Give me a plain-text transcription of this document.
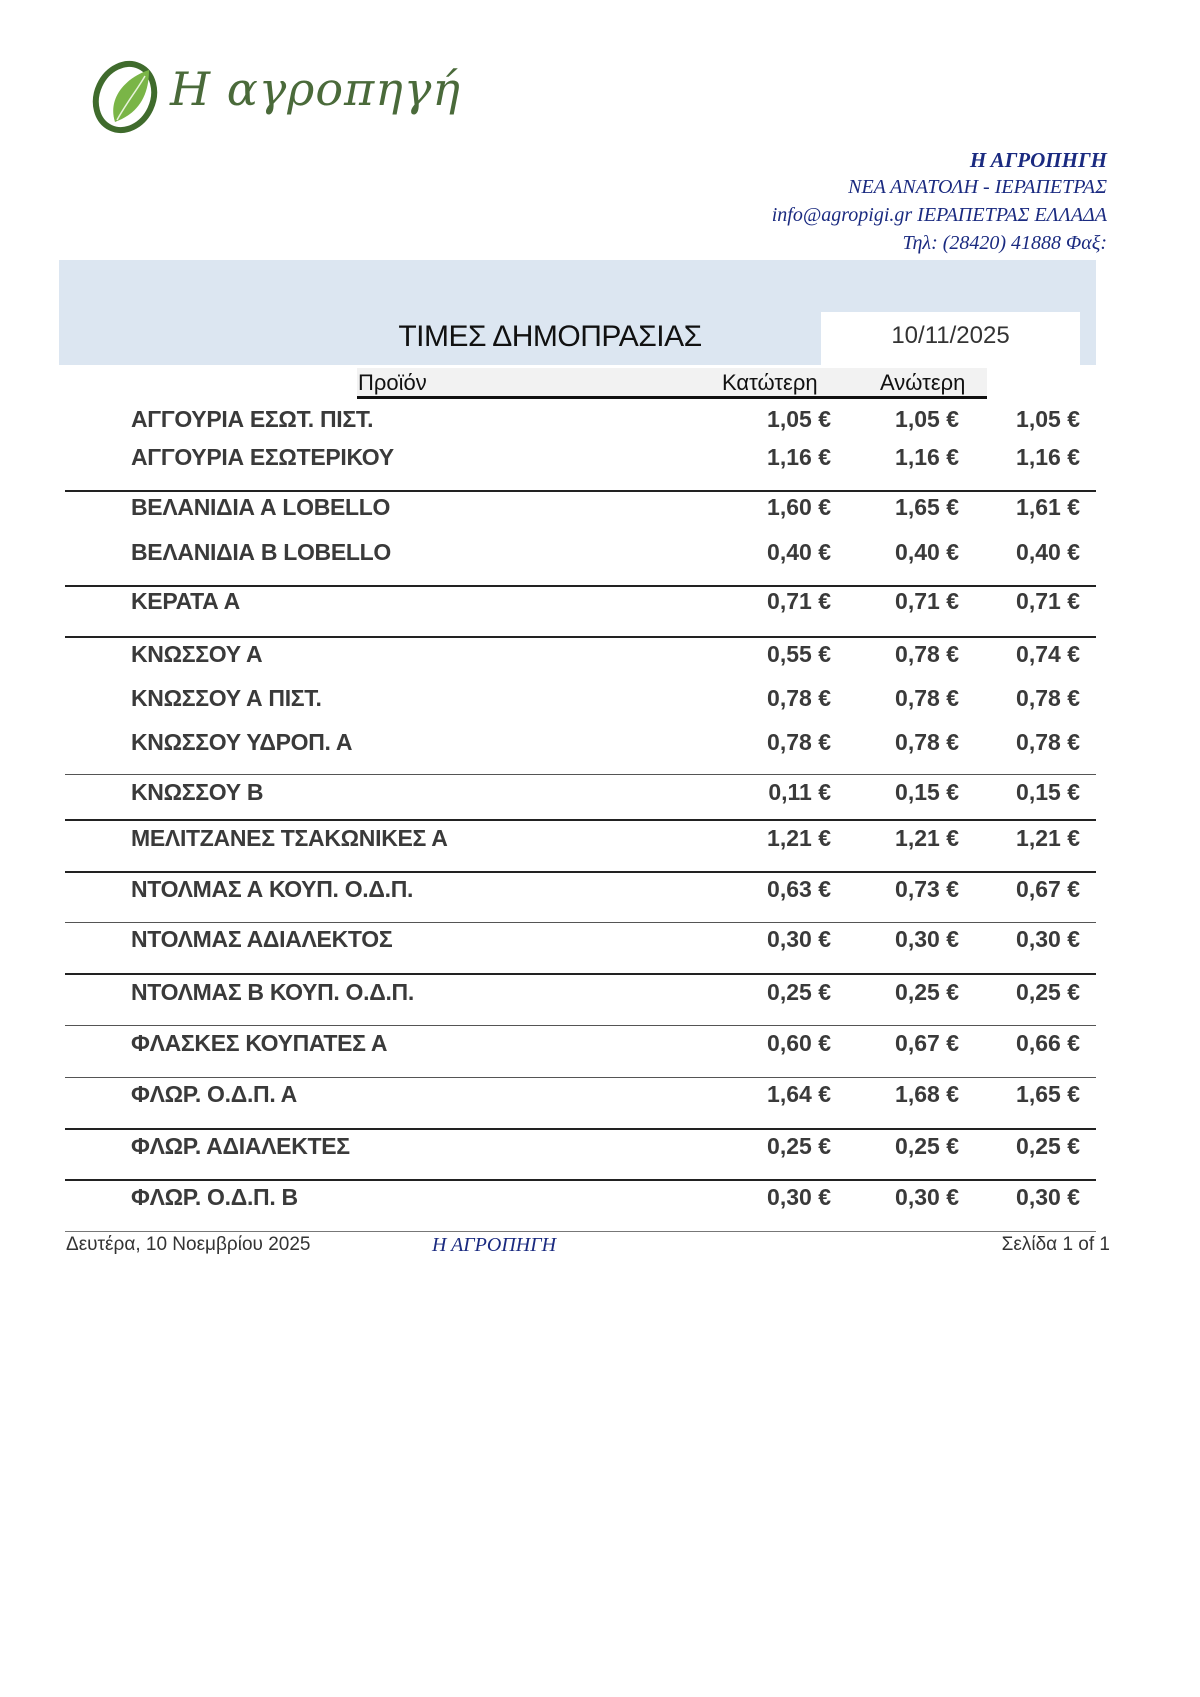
Η αγροπηγή
Η ΑΓΡΟΠΗΓΗ
ΝΕΑ ΑΝΑΤΟΛΗ - ΙΕΡΑΠΕΤΡΑΣ
info@agropigi.gr ΙΕΡΑΠΕΤΡΑΣ ΕΛΛΑΔΑ
Τηλ: (28420) 41888 Φαξ:
ΤΙΜΕΣ ΔΗΜΟΠΡΑΣΙΑΣ	10/11/2025
Προϊόν	Κατώτερη	Ανώτερη
ΑΓΓΟΥΡΙΑ ΕΣΩΤ. ΠΙΣΤ.	1,05 €	1,05 €	1,05 €
ΑΓΓΟΥΡΙΑ ΕΣΩΤΕΡΙΚΟΥ	1,16 €	1,16 €	1,16 €
ΒΕΛΑΝΙΔΙΑ Α LOBELLO	1,60 €	1,65 €	1,61 €
ΒΕΛΑΝΙΔΙΑ Β LOBELLO	0,40 €	0,40 €	0,40 €
ΚΕΡΑΤΑ Α	0,71 €	0,71 €	0,71 €
ΚΝΩΣΣΟΥ Α	0,55 €	0,78 €	0,74 €
ΚΝΩΣΣΟΥ Α ΠΙΣΤ.	0,78 €	0,78 €	0,78 €
ΚΝΩΣΣΟΥ ΥΔΡΟΠ. Α	0,78 €	0,78 €	0,78 €
ΚΝΩΣΣΟΥ Β	0,11 €	0,15 €	0,15 €
ΜΕΛΙΤΖΑΝΕΣ ΤΣΑΚΩΝΙΚΕΣ Α	1,21 €	1,21 €	1,21 €
ΝΤΟΛΜΑΣ Α ΚΟΥΠ. Ο.Δ.Π.	0,63 €	0,73 €	0,67 €
ΝΤΟΛΜΑΣ ΑΔΙΑΛΕΚΤΟΣ	0,30 €	0,30 €	0,30 €
ΝΤΟΛΜΑΣ Β ΚΟΥΠ. Ο.Δ.Π.	0,25 €	0,25 €	0,25 €
ΦΛΑΣΚΕΣ ΚΟΥΠΑΤΕΣ Α	0,60 €	0,67 €	0,66 €
ΦΛΩΡ. Ο.Δ.Π. Α	1,64 €	1,68 €	1,65 €
ΦΛΩΡ. ΑΔΙΑΛΕΚΤΕΣ	0,25 €	0,25 €	0,25 €
ΦΛΩΡ. Ο.Δ.Π. Β	0,30 €	0,30 €	0,30 €
Δευτέρα, 10 Νοεμβρίου 2025	Η ΑΓΡΟΠΗΓΗ	Σελίδα 1 of 1
